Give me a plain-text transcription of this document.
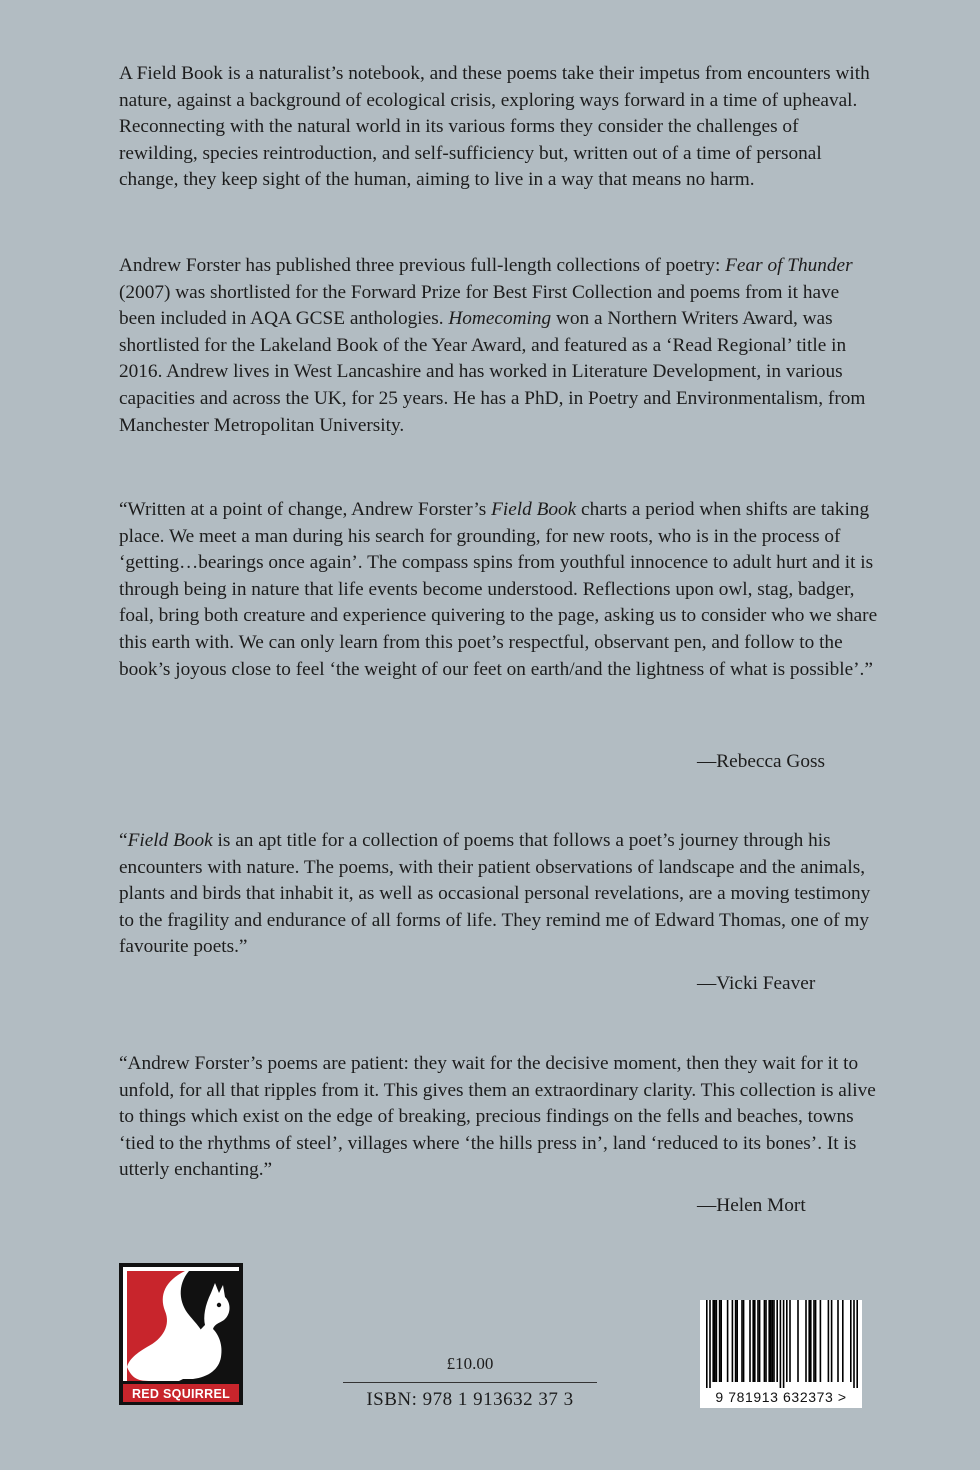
A Field Book is a naturalist’s notebook, and these poems take their impetus from encounters with nature, against a background of ecological crisis, exploring ways forward in a time of upheaval. Reconnecting with the natural world in its various forms they consider the challenges of rewilding, species reintroduction, and self-sufficiency but, written out of a time of personal change, they keep sight of the human, aiming to live in a way that means no harm.

Andrew Forster has published three previous full-length collections of poetry: Fear of Thunder (2007) was shortlisted for the Forward Prize for Best First Collection and poems from it have been included in AQA GCSE anthologies. Homecoming won a Northern Writers Award, was shortlisted for the Lakeland Book of the Year Award, and featured as a ‘Read Regional’ title in 2016. Andrew lives in West Lancashire and has worked in Literature Development, in various capacities and across the UK, for 25 years. He has a PhD, in Poetry and Environmentalism, from Manchester Metropolitan University.

“Written at a point of change, Andrew Forster’s Field Book charts a period when shifts are taking place. We meet a man during his search for grounding, for new roots, who is in the process of ‘getting…bearings once again’. The compass spins from youthful innocence to adult hurt and it is through being in nature that life events become understood. Reflections upon owl, stag, badger, foal, bring both creature and experience quivering to the page, asking us to consider who we share this earth with. We can only learn from this poet’s respectful, observant pen, and follow to the book’s joyous close to feel ‘the weight of our feet on earth/and the lightness of what is possible’.”

—Rebecca Goss

“Field Book is an apt title for a collection of poems that follows a poet’s journey through his encounters with nature. The poems, with their patient observations of landscape and the animals, plants and birds that inhabit it, as well as occasional personal revelations, are a moving testimony to the fragility and endurance of all forms of life. They remind me of Edward Thomas, one of my favourite poets.”

—Vicki Feaver

“Andrew Forster’s poems are patient: they wait for the decisive moment, then they wait for it to unfold, for all that ripples from it. This gives them an extraordinary clarity. This collection is alive to things which exist on the edge of breaking, precious findings on the fells and beaches, towns ‘tied to the rhythms of steel’, villages where ‘the hills press in’, land ‘reduced to its bones’. It is utterly enchanting.”

—Helen Mort

RED SQUIRREL
£10.00
ISBN: 978 1 913632 37 3	9 781913 632373 >
